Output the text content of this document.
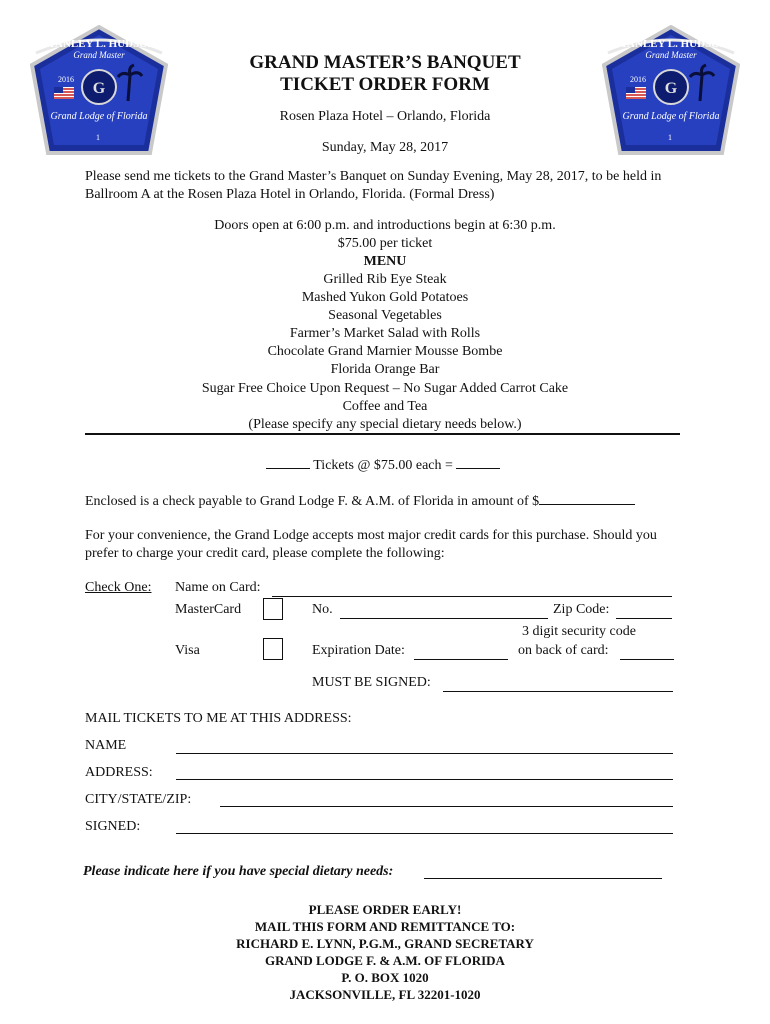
STANLEY L. HUDSON
Grand Master
G
2016
Grand Lodge of Florida
1
STANLEY L. HUDSON
Grand Master
G
2016
Grand Lodge of Florida
1
GRAND MASTER’S BANQUET
TICKET ORDER FORM
Rosen Plaza Hotel – Orlando, Florida
Sunday, May 28, 2017
Please send me tickets to the Grand Master’s Banquet on Sunday Evening, May 28, 2017, to be held in Ballroom A at the Rosen Plaza Hotel in Orlando, Florida. (Formal Dress)
Doors open at 6:00 p.m. and introductions begin at 6:30 p.m.
$75.00 per ticket
MENU
Grilled Rib Eye Steak
Mashed Yukon Gold Potatoes
Seasonal Vegetables
Farmer’s Market Salad with Rolls
Chocolate Grand Marnier Mousse Bombe
Florida Orange Bar
Sugar Free Choice Upon Request – No Sugar Added Carrot Cake
Coffee and Tea
(Please specify any special dietary needs below.)
Tickets @ $75.00 each =
Enclosed is a check payable to Grand Lodge F. & A.M. of Florida in amount of $
For your convenience, the Grand Lodge accepts most major credit cards for this purchase. Should you prefer to charge your credit card, please complete the following:
Check One: Name on Card:
MasterCard	No.	Zip Code:
3 digit security code
Visa	Expiration Date:	on back of card:
MUST BE SIGNED:
MAIL TICKETS TO ME AT THIS ADDRESS:
NAME
ADDRESS:
CITY/STATE/ZIP:
SIGNED:
Please indicate here if you have special dietary needs:
PLEASE ORDER EARLY!
MAIL THIS FORM AND REMITTANCE TO:
RICHARD E. LYNN, P.G.M., GRAND SECRETARY
GRAND LODGE F. & A.M. OF FLORIDA
P. O. BOX 1020
JACKSONVILLE, FL 32201-1020
